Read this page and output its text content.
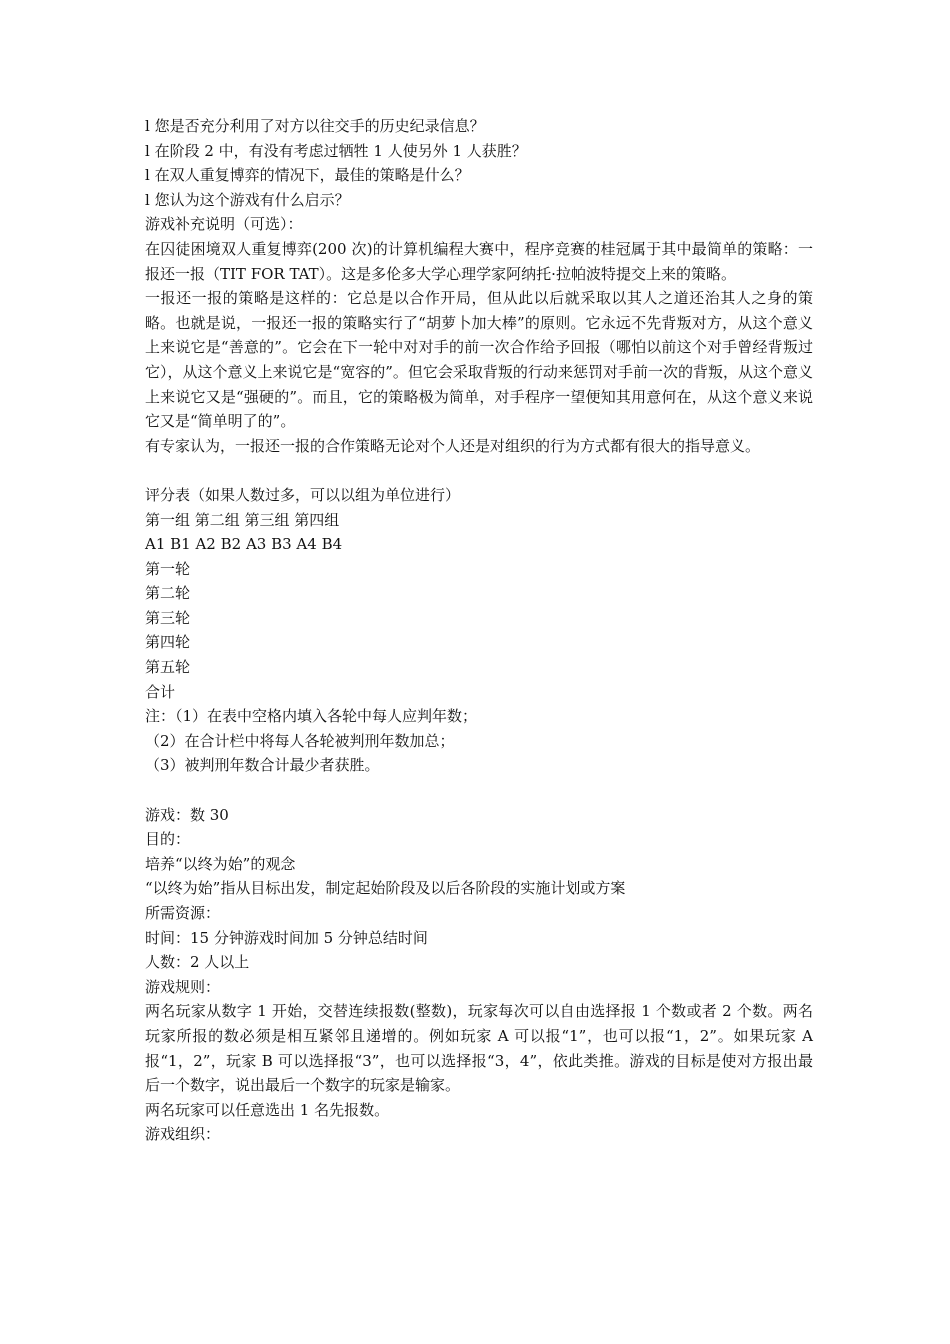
l 您是否充分利用了对方以往交手的历史纪录信息？

l 在阶段 2 中，有没有考虑过牺牲 1 人使另外 1 人获胜？

l 在双人重复博弈的情况下，最佳的策略是什么？

l 您认为这个游戏有什么启示？

游戏补充说明（可选）：

在囚徒困境双人重复博弈(200 次)的计算机编程大赛中，程序竞赛的桂冠属于其中最简单的策略：一报还一报（TIT FOR TAT）。这是多伦多大学心理学家阿纳托·拉帕波特提交上来的策略。

一报还一报的策略是这样的：它总是以合作开局，但从此以后就采取以其人之道还治其人之身的策略。也就是说，一报还一报的策略实行了“胡萝卜加大棒”的原则。它永远不先背叛对方，从这个意义上来说它是“善意的”。它会在下一轮中对对手的前一次合作给予回报（哪怕以前这个对手曾经背叛过它），从这个意义上来说它是“宽容的”。但它会采取背叛的行动来惩罚对手前一次的背叛，从这个意义上来说它又是“强硬的”。而且，它的策略极为简单，对手程序一望便知其用意何在，从这个意义来说它又是“简单明了的”。

有专家认为，一报还一报的合作策略无论对个人还是对组织的行为方式都有很大的指导意义。

评分表（如果人数过多，可以以组为单位进行）

第一组 第二组 第三组 第四组

A1 B1 A2 B2 A3 B3 A4 B4

第一轮

第二轮

第三轮

第四轮

第五轮

合计

注：（1）在表中空格内填入各轮中每人应判年数；

（2）在合计栏中将每人各轮被判刑年数加总；

（3）被判刑年数合计最少者获胜。

游戏：数 30

目的：

培养“以终为始”的观念

“以终为始”指从目标出发，制定起始阶段及以后各阶段的实施计划或方案

所需资源：

时间：15 分钟游戏时间加 5 分钟总结时间

人数：2 人以上

游戏规则：

两名玩家从数字 1 开始，交替连续报数(整数)，玩家每次可以自由选择报 1 个数或者 2 个数。两名玩家所报的数必须是相互紧邻且递增的。例如玩家 A 可以报“1”，也可以报“1，2”。如果玩家 A 报“1，2”，玩家 B 可以选择报“3”，也可以选择报“3，4”，依此类推。游戏的目标是使对方报出最后一个数字，说出最后一个数字的玩家是输家。

两名玩家可以任意选出 1 名先报数。

游戏组织：
